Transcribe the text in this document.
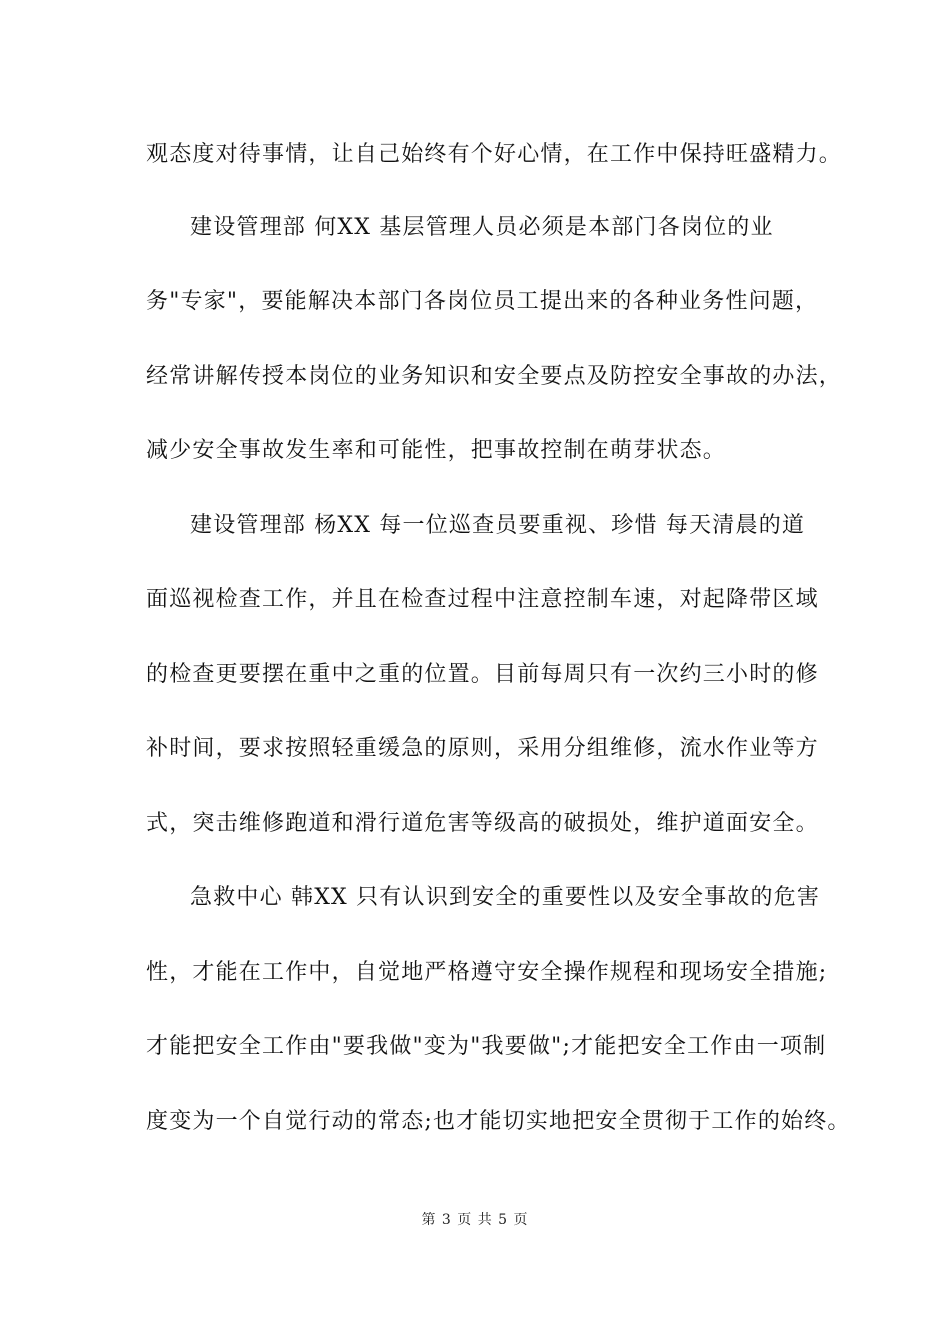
观态度对待事情，让自己始终有个好心情，在工作中保持旺盛精力。
建设管理部 何XX 基层管理人员必须是本部门各岗位的业
务"专家"，要能解决本部门各岗位员工提出来的各种业务性问题，
经常讲解传授本岗位的业务知识和安全要点及防控安全事故的办法，
减少安全事故发生率和可能性，把事故控制在萌芽状态。
建设管理部 杨XX 每一位巡查员要重视、珍惜 每天清晨的道
面巡视检查工作，并且在检查过程中注意控制车速，对起降带区域
的检查更要摆在重中之重的位置。目前每周只有一次约三小时的修
补时间，要求按照轻重缓急的原则，采用分组维修，流水作业等方
式，突击维修跑道和滑行道危害等级高的破损处，维护道面安全。
急救中心 韩XX 只有认识到安全的重要性以及安全事故的危害
性，才能在工作中，自觉地严格遵守安全操作规程和现场安全措施;
才能把安全工作由"要我做"变为"我要做";才能把安全工作由一项制
度变为一个自觉行动的常态;也才能切实地把安全贯彻于工作的始终。
第 3 页 共 5 页
